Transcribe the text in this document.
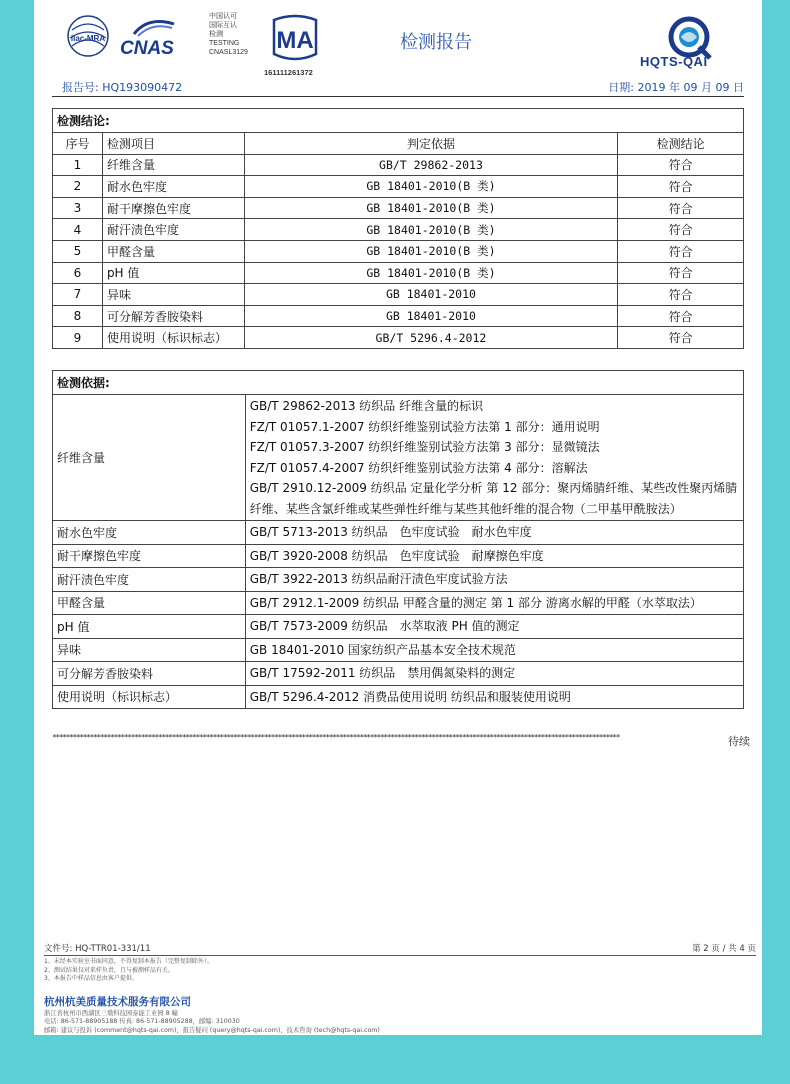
ilac-MRA CNAS
中国认可
国际互认
检测
TESTING
CNASL3129	MA
161111261372
检测报告
HQTS-QAI
报告号: HQ193090472	日期: 2019 年 09 月 09 日
检测结论:			
序号	检测项目	判定依据	检测结论
1	纤维含量	GB/T 29862-2013	符合
2	耐水色牢度	GB 18401-2010(B 类)	符合
3	耐干摩擦色牢度	GB 18401-2010(B 类)	符合
4	耐汗渍色牢度	GB 18401-2010(B 类)	符合
5	甲醛含量	GB 18401-2010(B 类)	符合
6	pH 值	GB 18401-2010(B 类)	符合
7	异味	GB 18401-2010	符合
8	可分解芳香胺染料	GB 18401-2010	符合
9	使用说明（标识标志）	GB/T 5296.4-2012	符合
检测依据:	
纤维含量	GB/T 29862-2013 纺织品 纤维含量的标识
FZ/T 01057.1-2007 纺织纤维鉴别试验方法第 1 部分：通用说明
FZ/T 01057.3-2007 纺织纤维鉴别试验方法第 3 部分：显微镜法
FZ/T 01057.4-2007 纺织纤维鉴别试验方法第 4 部分：溶解法
GB/T 2910.12-2009 纺织品 定量化学分析 第 12 部分：聚丙烯腈纤维、某些改性聚丙烯腈纤维、某些含氯纤维或某些弹性纤维与某些其他纤维的混合物（二甲基甲酰胺法）

耐水色牢度	GB/T 5713-2013 纺织品　色牢度试验　耐水色牢度

耐干摩擦色牢度	GB/T 3920-2008 纺织品　色牢度试验　耐摩擦色牢度

耐汗渍色牢度	GB/T 3922-2013 纺织品耐汗渍色牢度试验方法

甲醛含量	GB/T 2912.1-2009 纺织品 甲醛含量的测定 第 1 部分 游离水解的甲醛（水萃取法）

pH 值	GB/T 7573-2009 纺织品　水萃取液 PH 值的测定

异味	GB 18401-2010 国家纺织产品基本安全技术规范

可分解芳香胺染料	GB/T 17592-2011 纺织品　禁用偶氮染料的测定

使用说明（标识标志）	GB/T 5296.4-2012 消费品使用说明 纺织品和服装使用说明
**********************************************************************************************************************************************************************	待续
文件号: HQ-TTR01-331/11	第 2 页 / 共 4 页
1、未经本实验室书面同意，不得复制本报告（完整复制除外）。
2、测试结果仅对来样负责，且与被测样品有关。
3、本报告中样品信息由客户提供。
杭州杭美质量技术服务有限公司
浙江省杭州市西湖区三墩科技园泰能工业园 8 幢
电话: 86-571-88905188 传真: 86-571-88905288，邮编: 310030
邮箱: 建议与投诉 (comment@hqts-qai.com)，报告疑问 (query@hqts-qai.com)，技术咨询 (tech@hqts-qai.com)
